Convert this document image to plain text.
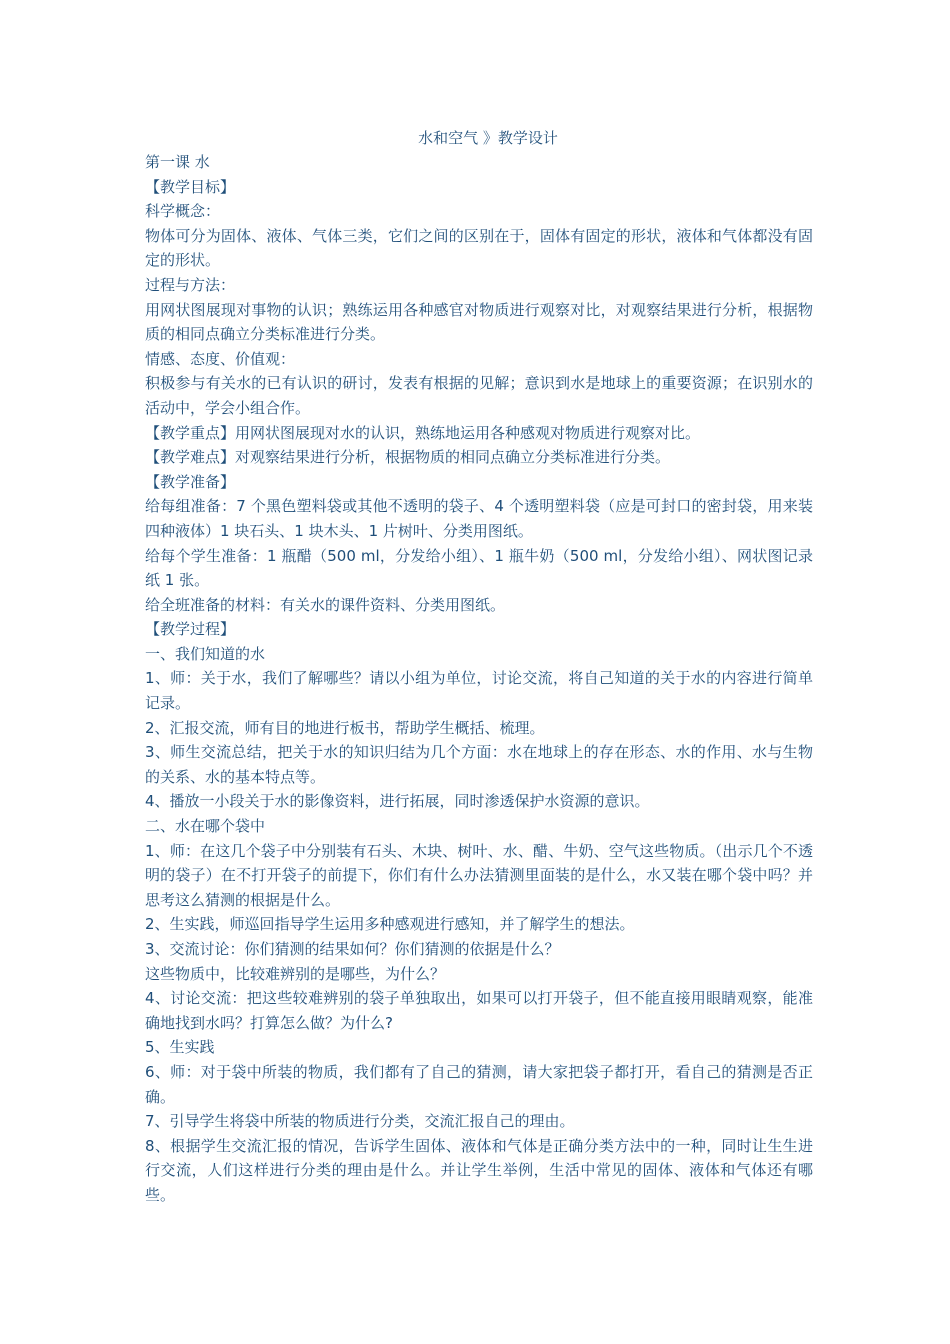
水和空气 》教学设计

第一课 水

【教学目标】

科学概念：

物体可分为固体、液体、气体三类，它们之间的区别在于，固体有固定的形状，液体和气体都没有固定的形状。

过程与方法：

用网状图展现对事物的认识；熟练运用各种感官对物质进行观察对比，对观察结果进行分析，根据物质的相同点确立分类标准进行分类。

情感、态度、价值观：

积极参与有关水的已有认识的研讨，发表有根据的见解；意识到水是地球上的重要资源；在识别水的活动中，学会小组合作。

【教学重点】用网状图展现对水的认识，熟练地运用各种感观对物质进行观察对比。

【教学难点】对观察结果进行分析，根据物质的相同点确立分类标准进行分类。

【教学准备】

给每组准备：7 个黑色塑料袋或其他不透明的袋子、4 个透明塑料袋（应是可封口的密封袋，用来装四种液体）1 块石头、1 块木头、1 片树叶、分类用图纸。

给每个学生准备：1 瓶醋（500 ml，分发给小组）、1 瓶牛奶（500 ml，分发给小组）、网状图记录纸 1 张。

给全班准备的材料：有关水的课件资料、分类用图纸。

【教学过程】

一、我们知道的水

1、师：关于水，我们了解哪些？请以小组为单位，讨论交流，将自己知道的关于水的内容进行简单记录。

2、汇报交流，师有目的地进行板书，帮助学生概括、梳理。

3、师生交流总结，把关于水的知识归结为几个方面：水在地球上的存在形态、水的作用、水与生物的关系、水的基本特点等。

4、播放一小段关于水的影像资料，进行拓展，同时渗透保护水资源的意识。

二、水在哪个袋中

1、师：在这几个袋子中分别装有石头、木块、树叶、水、醋、牛奶、空气这些物质。（出示几个不透明的袋子）在不打开袋子的前提下，你们有什么办法猜测里面装的是什么，水又装在哪个袋中吗？并思考这么猜测的根据是什么。

2、生实践，师巡回指导学生运用多种感观进行感知，并了解学生的想法。

3、交流讨论：你们猜测的结果如何？你们猜测的依据是什么？

这些物质中，比较难辨别的是哪些，为什么？

4、讨论交流：把这些较难辨别的袋子单独取出，如果可以打开袋子，但不能直接用眼睛观察，能准确地找到水吗？打算怎么做？为什么?

5、生实践

6、师：对于袋中所装的物质，我们都有了自己的猜测，请大家把袋子都打开，看自己的猜测是否正确。

7、引导学生将袋中所装的物质进行分类，交流汇报自己的理由。

8、根据学生交流汇报的情况，告诉学生固体、液体和气体是正确分类方法中的一种，同时让生生进行交流，人们这样进行分类的理由是什么。并让学生举例，生活中常见的固体、液体和气体还有哪些。
